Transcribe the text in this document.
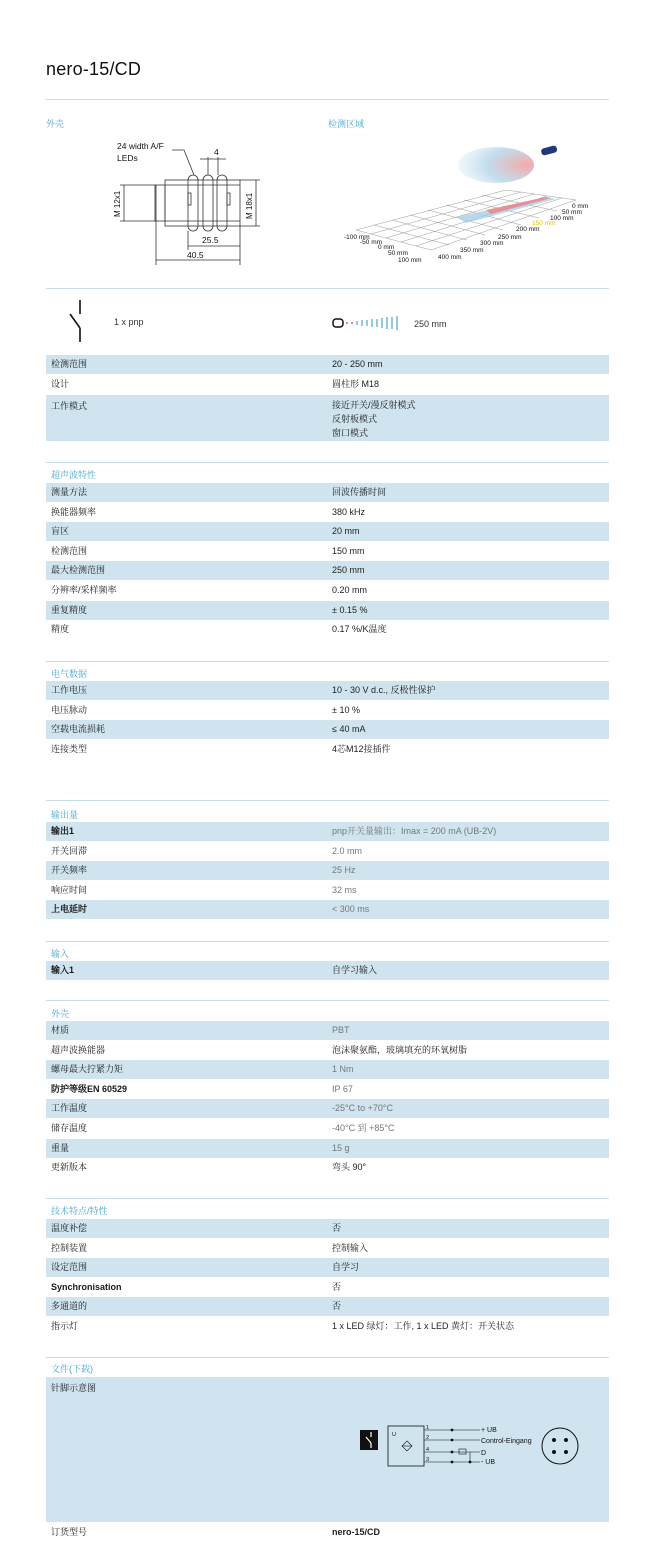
nero-15/CD
外壳	检测区域
24 width A/F
LEDs
4
25.5
40.5
M 12x1	M 18x1	0 mm
50 mm
100 mm
150 mm
200 mm
250 mm
300 mm
350 mm
400 mm
-100 mm
-50 mm
0 mm
50 mm
100 mm
1 x pnp	250 mm
检测范围	20 - 250 mm
设计	圆柱形 M18
工作模式	接近开关/漫反射模式
反射板模式
窗口模式
超声波特性
电气数据
输出量
输入
外壳
技术特点/特性
文件(下载)
针脚示意图
1
2
4
3
U
+ UB
Control-Eingang
D
- UB
订货型号	nero-15/CD
测量方法	回波传播时间
换能器频率	380 kHz
盲区	20 mm
检测范围	150 mm
最大检测范围	250 mm
分辨率/采样频率	0.20 mm
重复精度	± 0.15 %
精度	0.17 %/K温度
工作电压	10 - 30 V d.c., 反极性保护
电压脉动	± 10 %
空载电流损耗	≤ 40 mA
连接类型	4芯M12接插件
输出1	pnp开关量输出：Imax = 200 mA (UB-2V)
开关回滞	2.0 mm
开关频率	25 Hz
响应时间	32 ms
上电延时	< 300 ms
输入1	自学习输入
材质	PBT
超声波换能器	泡沫聚氨酯，玻璃填充的环氧树脂
螺母最大拧紧力矩	1 Nm
防护等级EN 60529	IP 67
工作温度	-25°C to +70°C
储存温度	-40°C 到 +85°C
重量	15 g
更新版本	弯头 90°
温度补偿	否
控制装置	控制输入
设定范围	自学习
Synchronisation	否
多通道的	否
指示灯	1 x LED 绿灯：工作, 1 x LED 黄灯：开关状态
